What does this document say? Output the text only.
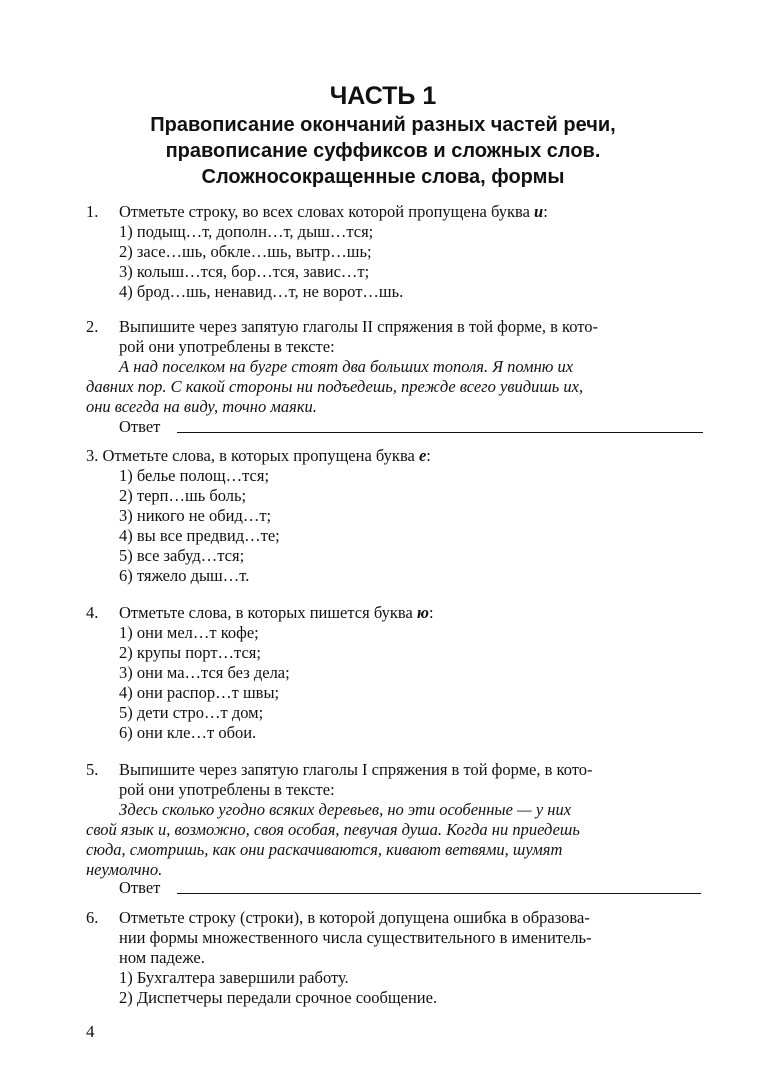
ЧАСТЬ 1
Правописание окончаний разных частей речи,
правописание суффиксов и сложных слов.
Сложносокращенные слова, формы
1. Отметьте строку, во всех словах которой пропущена буква и:
1) подыщ…т, дополн…т, дыш…тся;
2) засе…шь, обкле…шь, вытр…шь;
3) колыш…тся, бор…тся, завис…т;
4) брод…шь, ненавид…т, не ворот…шь.
2. Выпишите через запятую глаголы II спряжения в той форме, в кото-
рой они употреблены в тексте:
А над поселком на бугре стоят два больших тополя. Я помню их
давних пор. С какой стороны ни подъедешь, прежде всего увидишь их,
они всегда на виду, точно маяки.
Ответ
3. Отметьте слова, в которых пропущена буква е:
1) белье полощ…тся;
2) терп…шь боль;
3) никого не обид…т;
4) вы все предвид…те;
5) все забуд…тся;
6) тяжело дыш…т.
4. Отметьте слова, в которых пишется буква ю:
1) они мел…т кофе;
2) крупы порт…тся;
3) они ма…тся без дела;
4) они распор…т швы;
5) дети стро…т дом;
6) они кле…т обои.
5. Выпишите через запятую глаголы I спряжения в той форме, в кото-
рой они употреблены в тексте:
Здесь сколько угодно всяких деревьев, но эти особенные — у них
свой язык и, возможно, своя особая, певучая душа. Когда ни приедешь
сюда, смотришь, как они раскачиваются, кивают ветвями, шумят
неумолчно.
Ответ
6. Отметьте строку (строки), в которой допущена ошибка в образова-
нии формы множественного числа существительного в именитель-
ном падеже.
1) Бухгалтера завершили работу.
2) Диспетчеры передали срочное сообщение.
4
